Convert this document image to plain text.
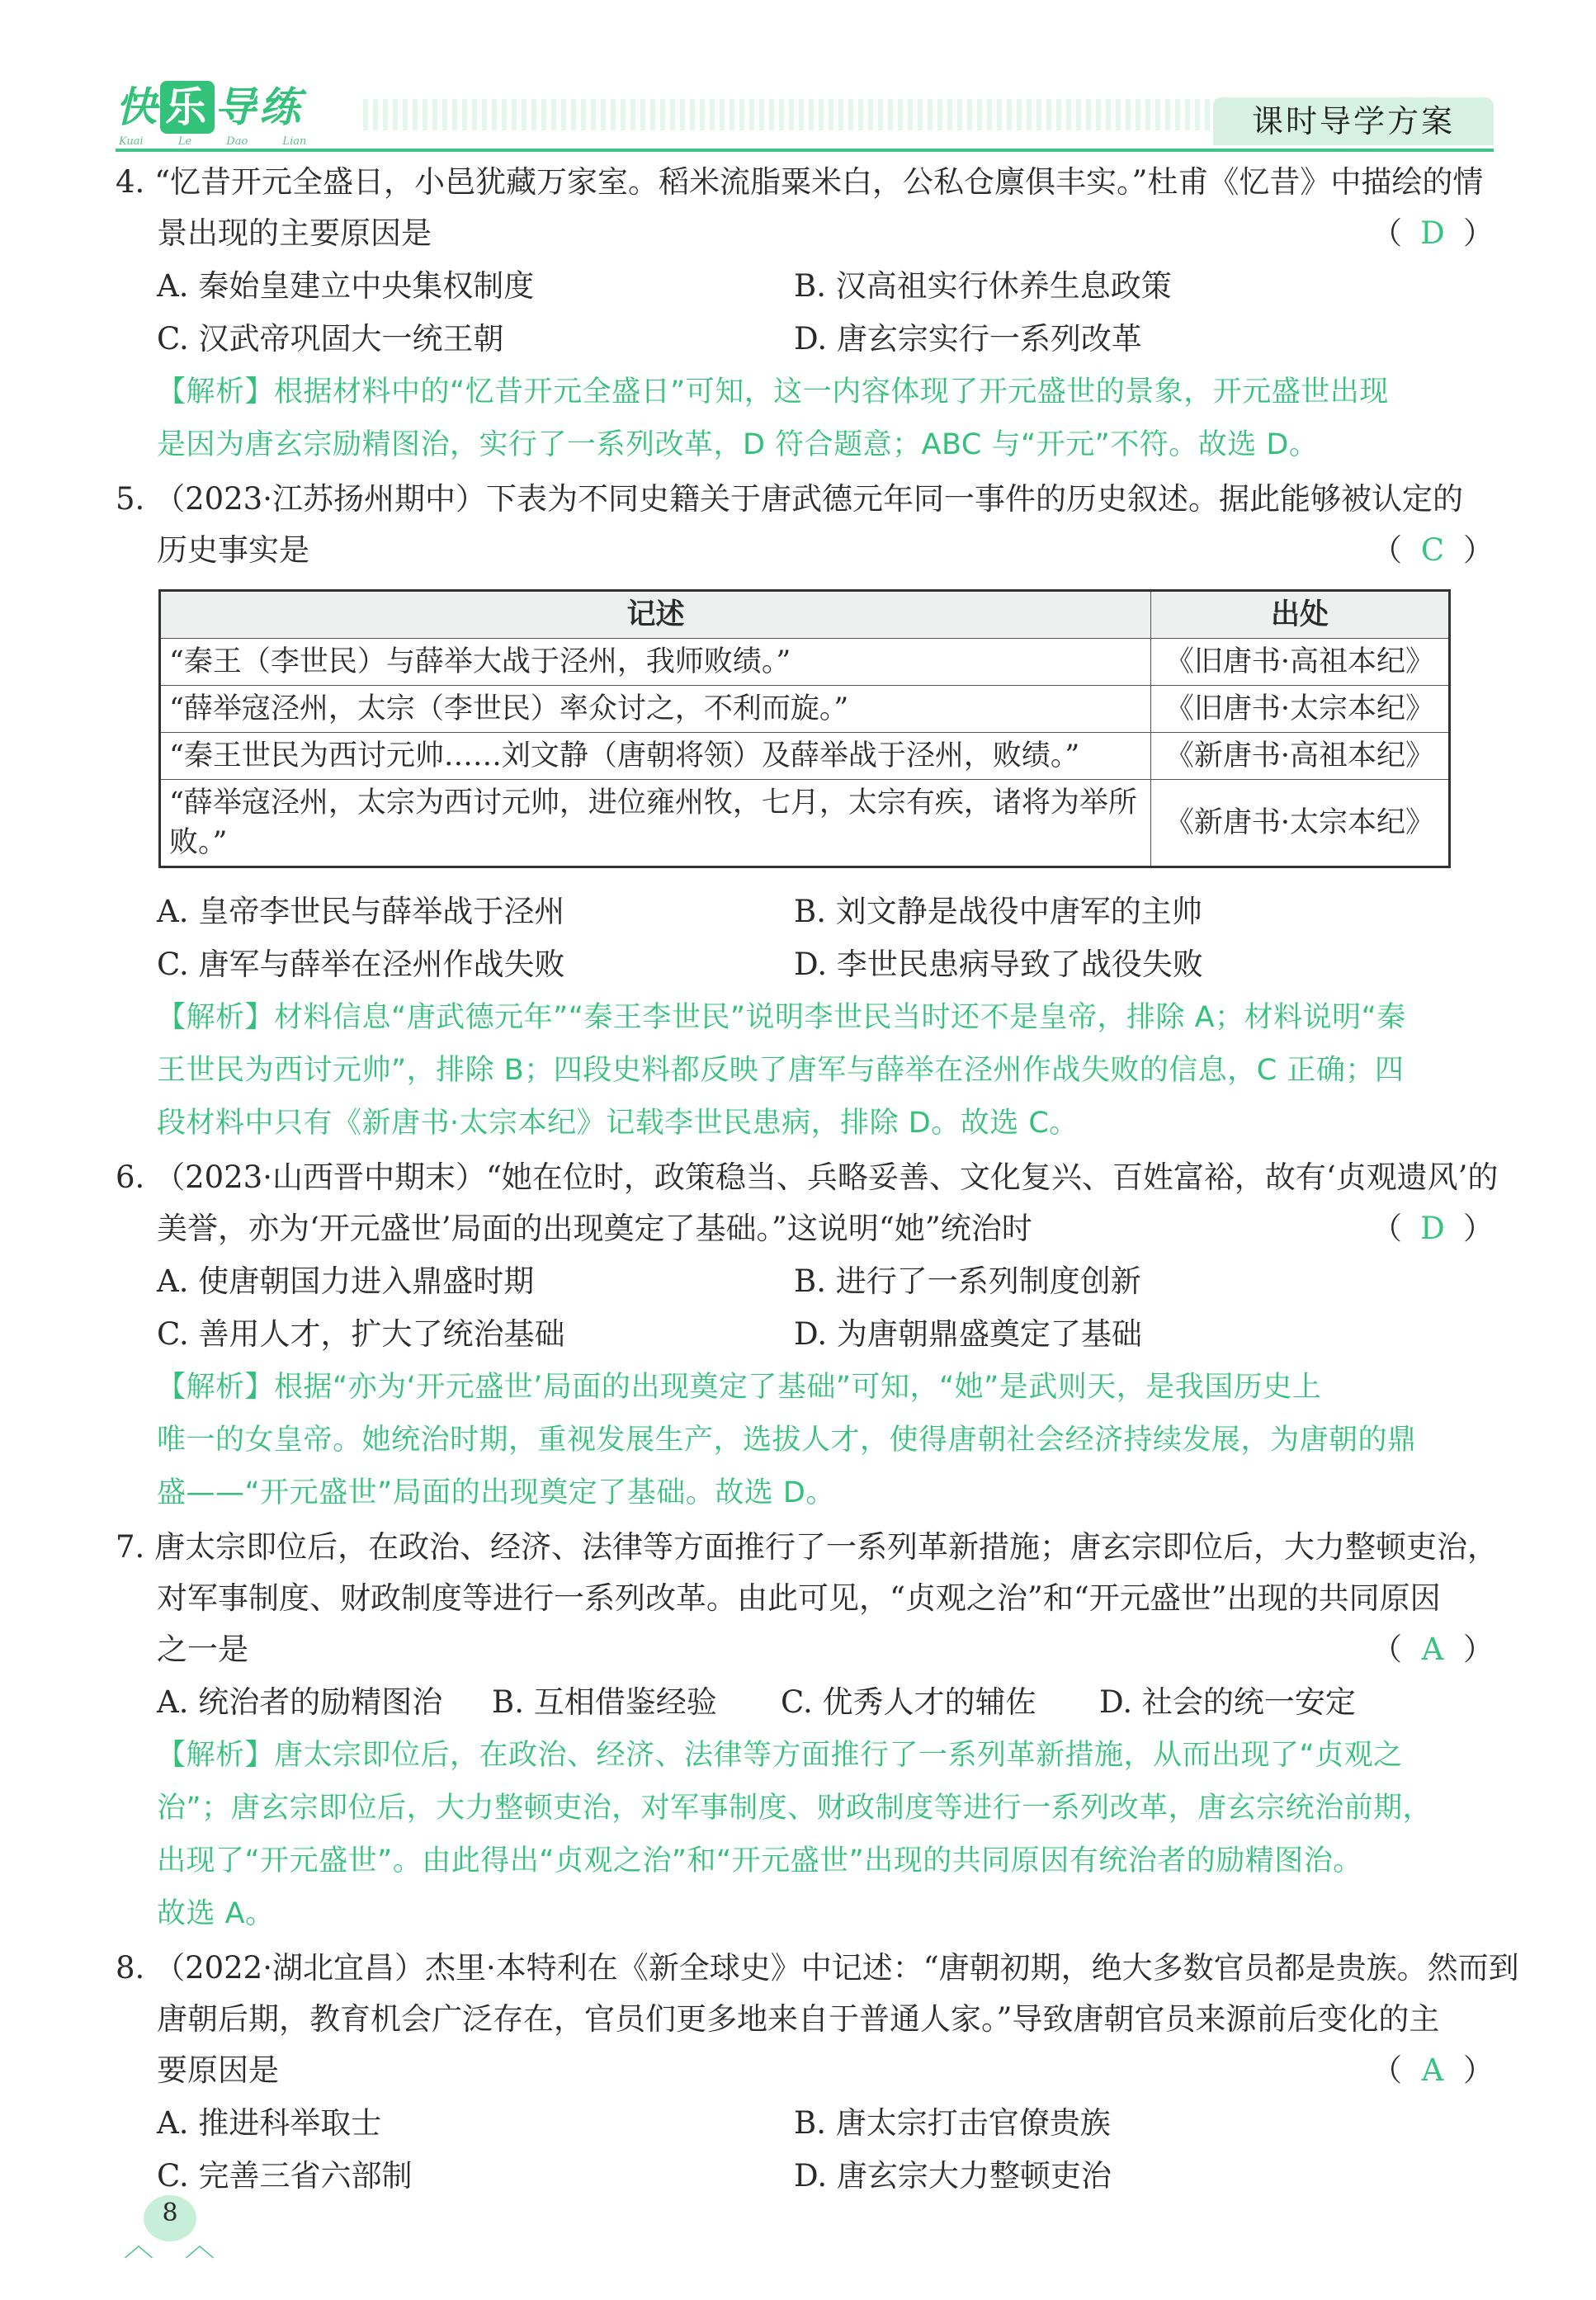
快 乐 导练
Kuai Le Dao Lian
课时导学方案
4. “忆昔开元全盛日，小邑犹藏万家室。稻米流脂粟米白，公私仓廪俱丰实。”杜甫《忆昔》中描绘的情
景出现的主要原因是	（ D ）
A. 秦始皇建立中央集权制度	B. 汉高祖实行休养生息政策
C. 汉武帝巩固大一统王朝	D. 唐玄宗实行一系列改革
【解析】根据材料中的“忆昔开元全盛日”可知，这一内容体现了开元盛世的景象，开元盛世出现
是因为唐玄宗励精图治，实行了一系列改革，D 符合题意；ABC 与“开元”不符。故选 D。
5. （2023·江苏扬州期中）下表为不同史籍关于唐武德元年同一事件的历史叙述。据此能够被认定的
历史事实是	（ C ）
记述	出处
“秦王（李世民）与薛举大战于泾州，我师败绩。”	《旧唐书·高祖本纪》
“薛举寇泾州，太宗（李世民）率众讨之，不利而旋。”	《旧唐书·太宗本纪》
“秦王世民为西讨元帅……刘文静（唐朝将领）及薛举战于泾州，败绩。”	《新唐书·高祖本纪》
“薛举寇泾州，太宗为西讨元帅，进位雍州牧，七月，太宗有疾，诸将为举所败。”	《新唐书·太宗本纪》
A. 皇帝李世民与薛举战于泾州	B. 刘文静是战役中唐军的主帅
C. 唐军与薛举在泾州作战失败	D. 李世民患病导致了战役失败
【解析】材料信息“唐武德元年”“秦王李世民”说明李世民当时还不是皇帝，排除 A；材料说明“秦
王世民为西讨元帅”，排除 B；四段史料都反映了唐军与薛举在泾州作战失败的信息，C 正确；四
段材料中只有《新唐书·太宗本纪》记载李世民患病，排除 D。故选 C。
6. （2023·山西晋中期末）“她在位时，政策稳当、兵略妥善、文化复兴、百姓富裕，故有‘贞观遗风’的
美誉，亦为‘开元盛世’局面的出现奠定了基础。”这说明“她”统治时	（ D ）
A. 使唐朝国力进入鼎盛时期	B. 进行了一系列制度创新
C. 善用人才，扩大了统治基础	D. 为唐朝鼎盛奠定了基础
【解析】根据“亦为‘开元盛世’局面的出现奠定了基础”可知，“她”是武则天，是我国历史上
唯一的女皇帝。她统治时期，重视发展生产，选拔人才，使得唐朝社会经济持续发展，为唐朝的鼎
盛——“开元盛世”局面的出现奠定了基础。故选 D。
7. 唐太宗即位后，在政治、经济、法律等方面推行了一系列革新措施；唐玄宗即位后，大力整顿吏治，
对军事制度、财政制度等进行一系列改革。由此可见，“贞观之治”和“开元盛世”出现的共同原因
之一是	（ A ）
A. 统治者的励精图治 B. 互相借鉴经验 C. 优秀人才的辅佐 D. 社会的统一安定
【解析】唐太宗即位后，在政治、经济、法律等方面推行了一系列革新措施，从而出现了“贞观之
治”；唐玄宗即位后，大力整顿吏治，对军事制度、财政制度等进行一系列改革，唐玄宗统治前期，
出现了“开元盛世”。由此得出“贞观之治”和“开元盛世”出现的共同原因有统治者的励精图治。
故选 A。
8. （2022·湖北宜昌）杰里·本特利在《新全球史》中记述：“唐朝初期，绝大多数官员都是贵族。然而到
唐朝后期，教育机会广泛存在，官员们更多地来自于普通人家。”导致唐朝官员来源前后变化的主
要原因是	（ A ）
A. 推进科举取士	B. 唐太宗打击官僚贵族
C. 完善三省六部制	D. 唐玄宗大力整顿吏治
8
︿ ︿
